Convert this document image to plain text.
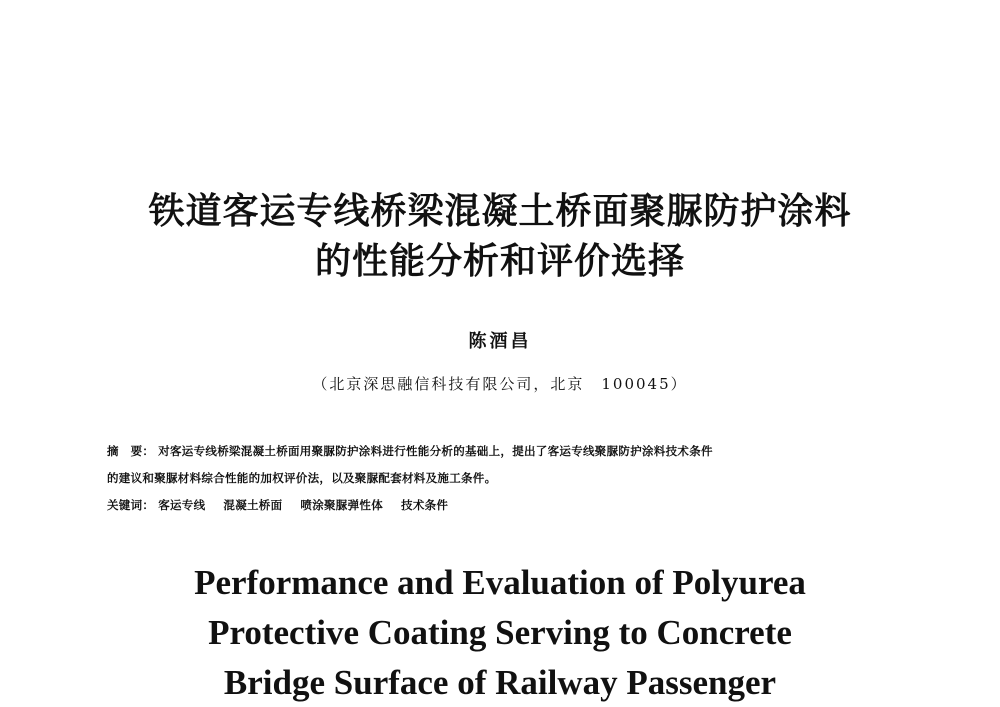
铁道客运专线桥梁混凝土桥面聚脲防护涂料
的性能分析和评价选择
陈酒昌
（北京深思融信科技有限公司，北京　100045）
摘　要： 对客运专线桥梁混凝土桥面用聚脲防护涂料进行性能分析的基础上，提出了客运专线聚脲防护涂料技术条件
的建议和聚脲材料综合性能的加权评价法，以及聚脲配套材料及施工条件。
关键词： 客运专线 混凝土桥面 喷涂聚脲弹性体 技术条件
Performance and Evaluation of Polyurea
Protective Coating Serving to Concrete
Bridge Surface of Railway Passenger
